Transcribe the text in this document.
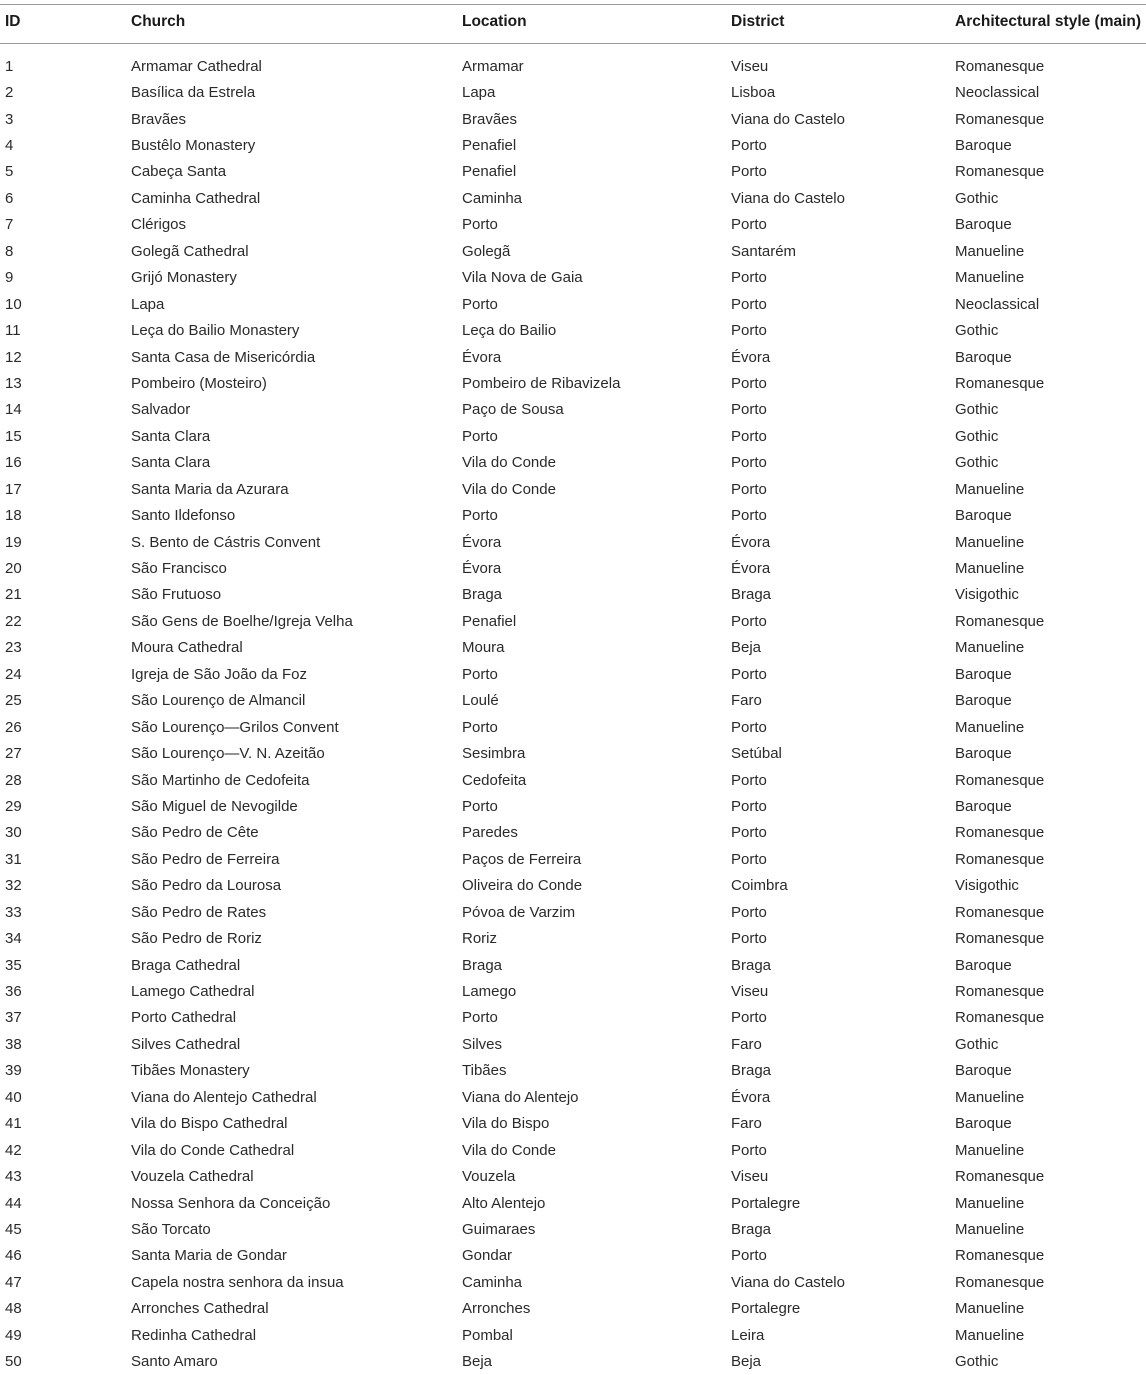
ID	Church	Location	District	Architectural style (main)

1	Armamar Cathedral	Armamar	Viseu	Romanesque
2	Basílica da Estrela	Lapa	Lisboa	Neoclassical
3	Bravães	Bravães	Viana do Castelo	Romanesque
4	Bustêlo Monastery	Penafiel	Porto	Baroque
5	Cabeça Santa	Penafiel	Porto	Romanesque
6	Caminha Cathedral	Caminha	Viana do Castelo	Gothic
7	Clérigos	Porto	Porto	Baroque
8	Golegã Cathedral	Golegã	Santarém	Manueline
9	Grijó Monastery	Vila Nova de Gaia	Porto	Manueline
10	Lapa	Porto	Porto	Neoclassical
11	Leça do Bailio Monastery	Leça do Bailio	Porto	Gothic
12	Santa Casa de Misericórdia	Évora	Évora	Baroque
13	Pombeiro (Mosteiro)	Pombeiro de Ribavizela	Porto	Romanesque
14	Salvador	Paço de Sousa	Porto	Gothic
15	Santa Clara	Porto	Porto	Gothic
16	Santa Clara	Vila do Conde	Porto	Gothic
17	Santa Maria da Azurara	Vila do Conde	Porto	Manueline
18	Santo Ildefonso	Porto	Porto	Baroque
19	S. Bento de Cástris Convent	Évora	Évora	Manueline
20	São Francisco	Évora	Évora	Manueline
21	São Frutuoso	Braga	Braga	Visigothic
22	São Gens de Boelhe/Igreja Velha	Penafiel	Porto	Romanesque
23	Moura Cathedral	Moura	Beja	Manueline
24	Igreja de São João da Foz	Porto	Porto	Baroque
25	São Lourenço de Almancil	Loulé	Faro	Baroque
26	São Lourenço—Grilos Convent	Porto	Porto	Manueline
27	São Lourenço—V. N. Azeitão	Sesimbra	Setúbal	Baroque
28	São Martinho de Cedofeita	Cedofeita	Porto	Romanesque
29	São Miguel de Nevogilde	Porto	Porto	Baroque
30	São Pedro de Cête	Paredes	Porto	Romanesque
31	São Pedro de Ferreira	Paços de Ferreira	Porto	Romanesque
32	São Pedro da Lourosa	Oliveira do Conde	Coimbra	Visigothic
33	São Pedro de Rates	Póvoa de Varzim	Porto	Romanesque
34	São Pedro de Roriz	Roriz	Porto	Romanesque
35	Braga Cathedral	Braga	Braga	Baroque
36	Lamego Cathedral	Lamego	Viseu	Romanesque
37	Porto Cathedral	Porto	Porto	Romanesque
38	Silves Cathedral	Silves	Faro	Gothic
39	Tibães Monastery	Tibães	Braga	Baroque
40	Viana do Alentejo Cathedral	Viana do Alentejo	Évora	Manueline
41	Vila do Bispo Cathedral	Vila do Bispo	Faro	Baroque
42	Vila do Conde Cathedral	Vila do Conde	Porto	Manueline
43	Vouzela Cathedral	Vouzela	Viseu	Romanesque
44	Nossa Senhora da Conceição	Alto Alentejo	Portalegre	Manueline
45	São Torcato	Guimaraes	Braga	Manueline
46	Santa Maria de Gondar	Gondar	Porto	Romanesque
47	Capela nostra senhora da insua	Caminha	Viana do Castelo	Romanesque
48	Arronches Cathedral	Arronches	Portalegre	Manueline
49	Redinha Cathedral	Pombal	Leira	Manueline
50	Santo Amaro	Beja	Beja	Gothic
